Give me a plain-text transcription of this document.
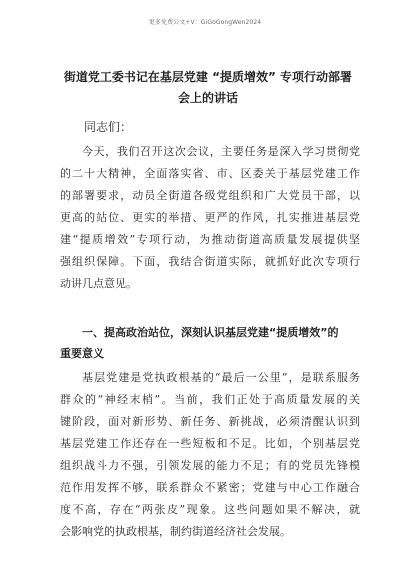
更多免费公文+V：GiGoGongWen2024
街道党工委书记在基层党建 “提质增效” 专项行动部署
会上的讲话
同志们：
今天，我们召开这次会议，主要任务是深入学习贯彻党
的二十大精神，全面落实省、市、区委关于基层党建工作
的部署要求，动员全街道各级党组织和广大党员干部，以
更高的站位、更实的举措、更严的作风，扎实推进基层党
建“提质增效”专项行动，为推动街道高质量发展提供坚
强组织保障。下面，我结合街道实际，就抓好此次专项行
动讲几点意见。
一、提高政治站位，深刻认识基层党建“提质增效”的
重要意义
基层党建是党执政根基的“最后一公里”，是联系服务
群众的“神经末梢”。当前，我们正处于高质量发展的关
键阶段，面对新形势、新任务、新挑战，必须清醒认识到
基层党建工作还存在一些短板和不足。比如，个别基层党
组织战斗力不强，引领发展的能力不足；有的党员先锋模
范作用发挥不够，联系群众不紧密；党建与中心工作融合
度不高，存在“两张皮”现象。这些问题如果不解决，就
会影响党的执政根基，制约街道经济社会发展。
